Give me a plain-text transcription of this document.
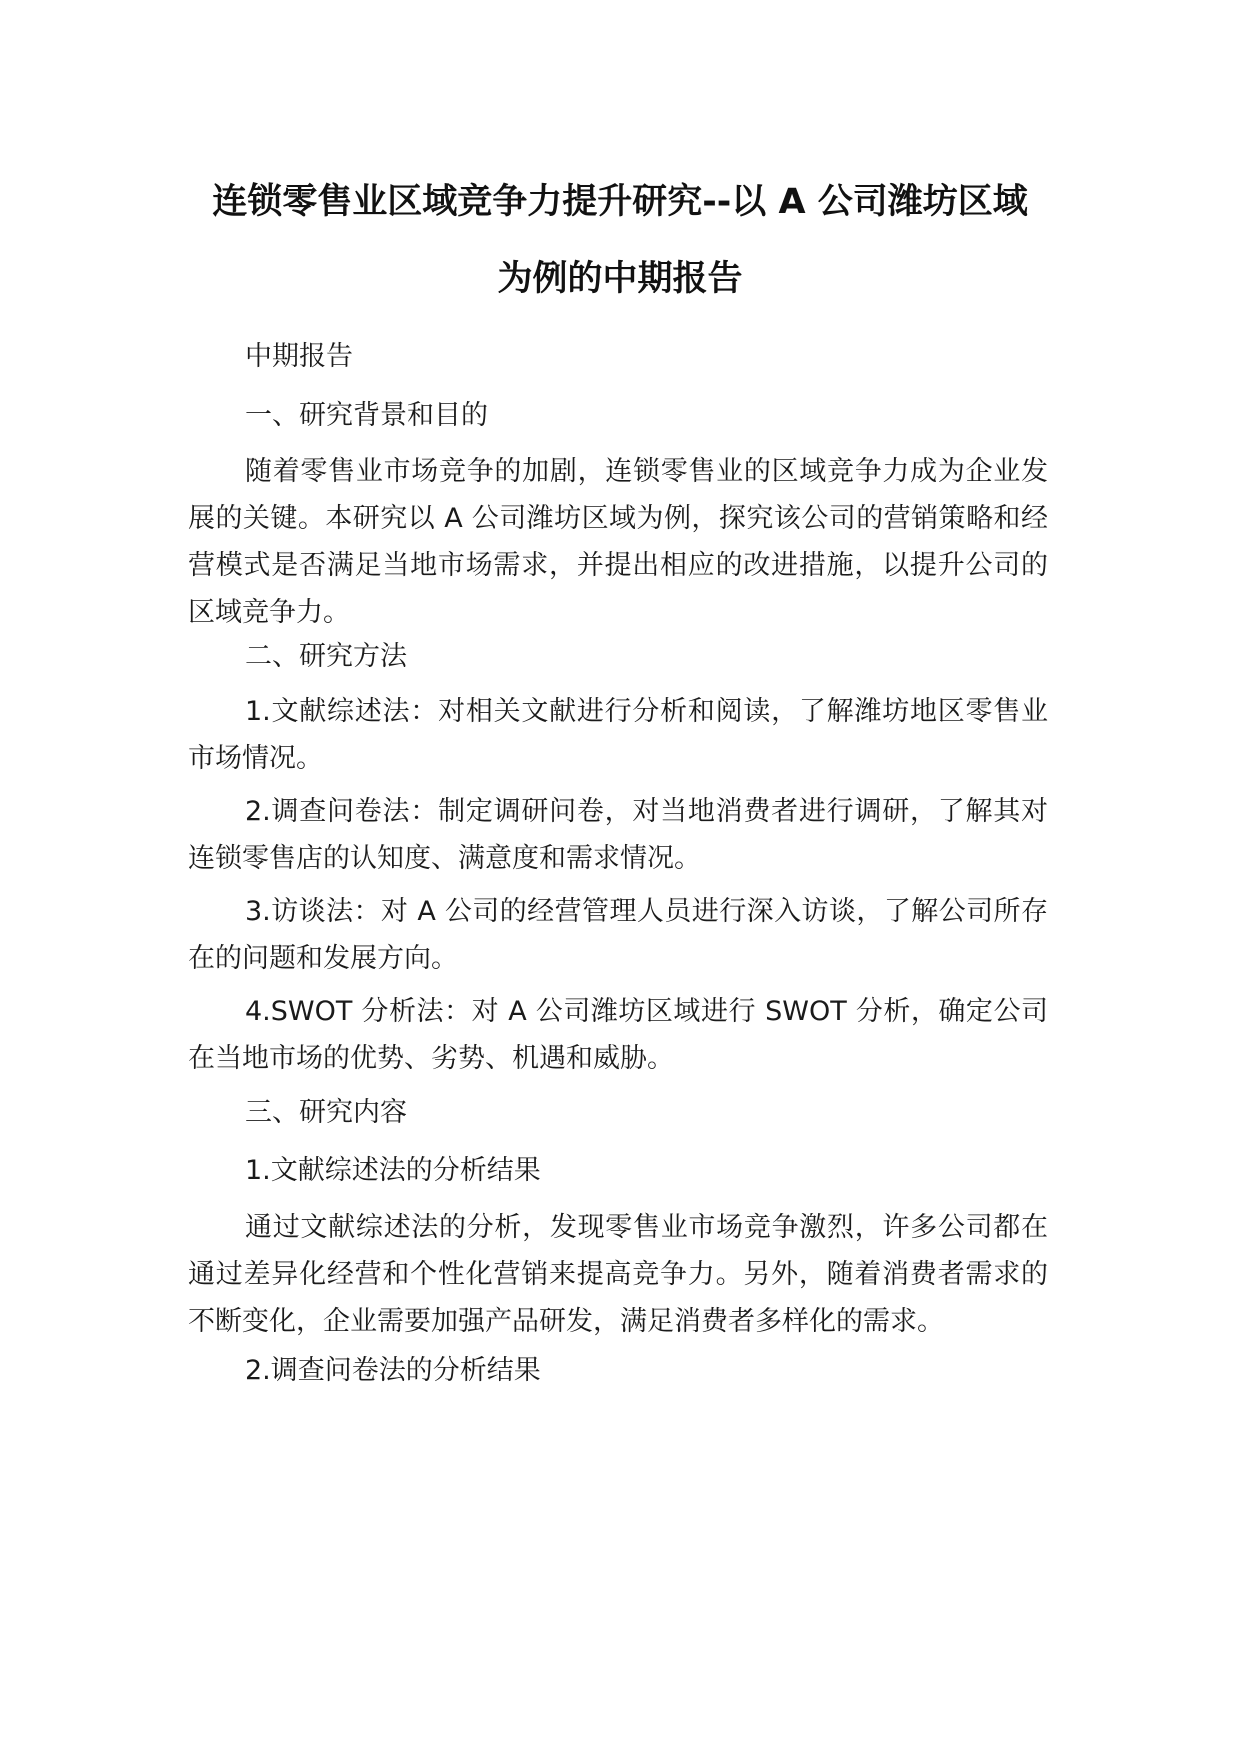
连锁零售业区域竞争力提升研究--以 A 公司潍坊区域
为例的中期报告
中期报告
一、研究背景和目的
随着零售业市场竞争的加剧，连锁零售业的区域竞争力成为企业发展的关键。本研究以 A 公司潍坊区域为例，探究该公司的营销策略和经营模式是否满足当地市场需求，并提出相应的改进措施，以提升公司的区域竞争力。
二、研究方法
1.文献综述法：对相关文献进行分析和阅读，了解潍坊地区零售业市场情况。
2.调查问卷法：制定调研问卷，对当地消费者进行调研，了解其对连锁零售店的认知度、满意度和需求情况。
3.访谈法：对 A 公司的经营管理人员进行深入访谈，了解公司所存在的问题和发展方向。
4.SWOT 分析法：对 A 公司潍坊区域进行 SWOT 分析，确定公司在当地市场的优势、劣势、机遇和威胁。
三、研究内容
1.文献综述法的分析结果
通过文献综述法的分析，发现零售业市场竞争激烈，许多公司都在通过差异化经营和个性化营销来提高竞争力。另外，随着消费者需求的不断变化，企业需要加强产品研发，满足消费者多样化的需求。
2.调查问卷法的分析结果
